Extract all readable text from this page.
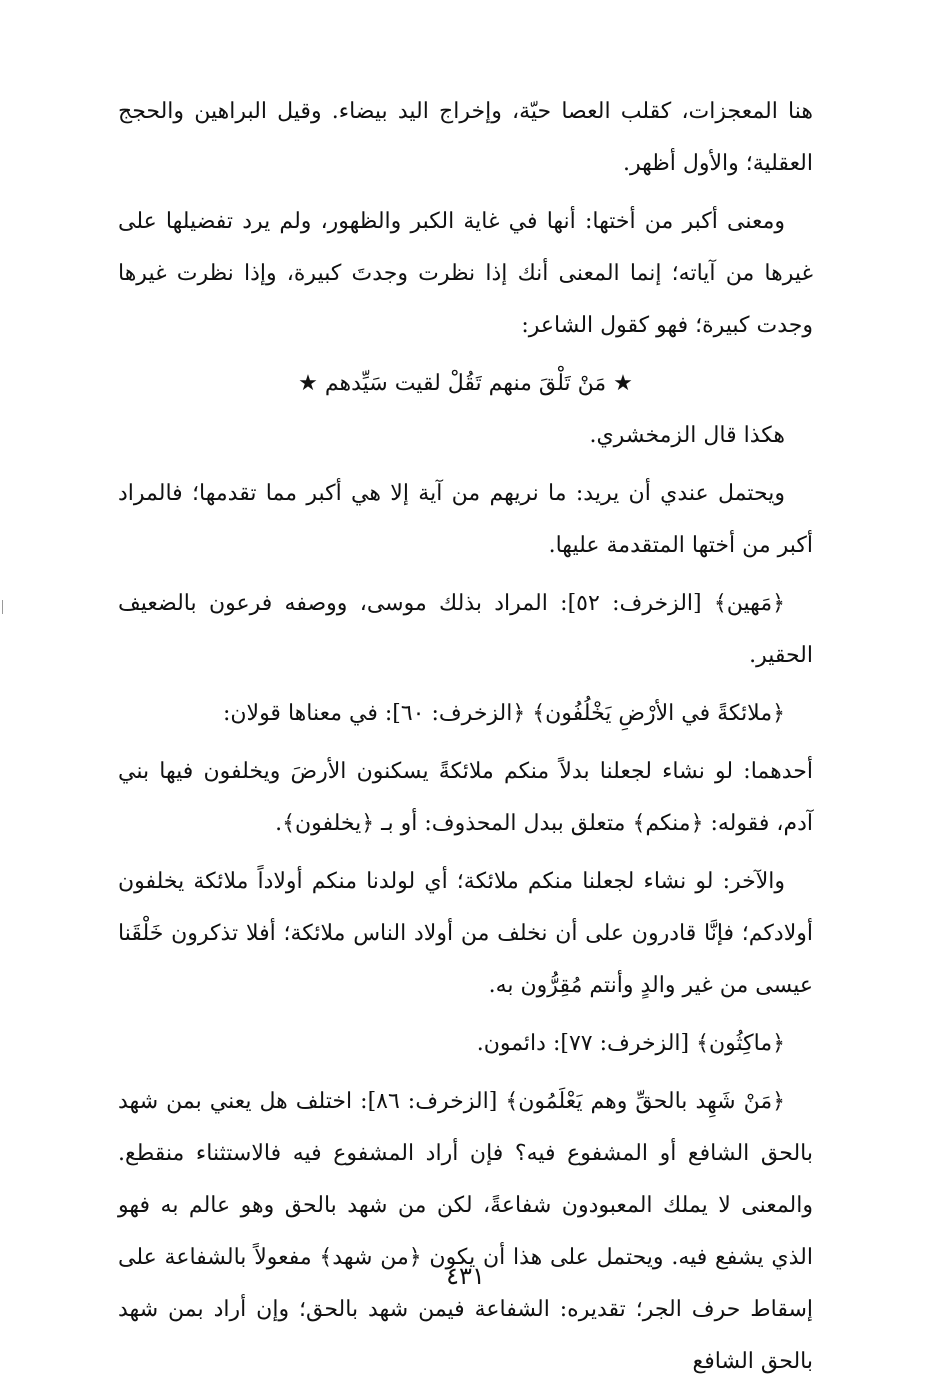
هنا المعجزات، كقلب العصا حيّة، وإخراج اليد بيضاء. وقيل البراهين والحجج العقلية؛ والأول أظهر.

ومعنى أكبر من أختها: أنها في غاية الكبر والظهور، ولم يرد تفضيلها على غيرها من آياته؛ إنما المعنى أنك إذا نظرت وجدتَ كبيرة، وإذا نظرت غيرها وجدت كبيرة؛ فهو كقول الشاعر:

★ مَنْ تَلْقَ منهم تَقُلْ لقيت سَيِّدهم ★

هكذا قال الزمخشري.

ويحتمل عندي أن يريد: ما نريهم من آية إلا هي أكبر مما تقدمها؛ فالمراد أكبر من أختها المتقدمة عليها.

﴿مَهين﴾ [الزخرف: ٥٢]: المراد بذلك موسى، ووصفه فرعون بالضعيف الحقير.

﴿ملائكةً في الأرْضِ يَخْلُفُون﴾ ﴿الزخرف: ٦٠]: في معناها قولان:

أحدهما: لو نشاء لجعلنا بدلاً منكم ملائكةً يسكنون الأرضَ ويخلفون فيها بني آدم، فقوله: ﴿منكم﴾ متعلق ببدل المحذوف: أو بـ ﴿يخلفون﴾.

والآخر: لو نشاء لجعلنا منكم ملائكة؛ أي لولدنا منكم أولاداً ملائكة يخلفون أولادكم؛ فإنَّا قادرون على أن نخلف من أولاد الناس ملائكة؛ أفلا تذكرون خَلْقَنا عيسى من غير والدٍ وأنتم مُقِرُّون به.

﴿ماكِثُون﴾ [الزخرف: ٧٧]: دائمون.

﴿مَنْ شَهِد بالحقِّ وهم يَعْلَمُون﴾ [الزخرف: ٨٦]: اختلف هل يعني بمن شهد بالحق الشافع أو المشفوع فيه؟ فإن أراد المشفوع فيه فالاستثناء منقطع. والمعنى لا يملك المعبودون شفاعةً، لكن من شهد بالحق وهو عالم به فهو الذي يشفع فيه. ويحتمل على هذا أن يكون ﴿من شهد﴾ مفعولاً بالشفاعة على إسقاط حرف الجر؛ تقديره: الشفاعة فيمن شهد بالحق؛ وإن أراد بمن شهد بالحق الشافع

٤٣١
